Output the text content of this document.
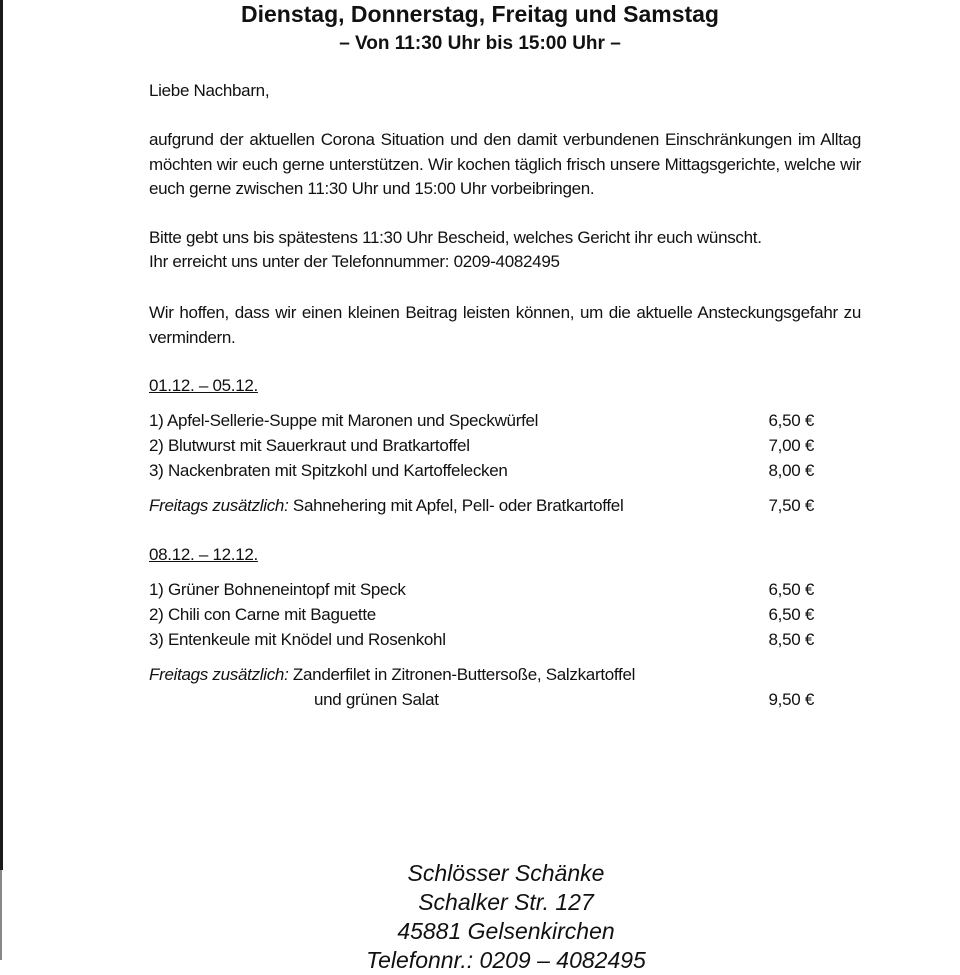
Dienstag, Donnerstag, Freitag und Samstag
– Von 11:30 Uhr bis 15:00 Uhr –
Liebe Nachbarn,
aufgrund der aktuellen Corona Situation und den damit verbundenen Einschränkungen im Alltag möchten wir euch gerne unterstützen. Wir kochen täglich frisch unsere Mittagsgerichte, welche wir euch gerne zwischen 11:30 Uhr und 15:00 Uhr vorbeibringen.
Bitte gebt uns bis spätestens 11:30 Uhr Bescheid, welches Gericht ihr euch wünscht.
Ihr erreicht uns unter der Telefonnummer: 0209-4082495
Wir hoffen, dass wir einen kleinen Beitrag leisten können, um die aktuelle Ansteckungsgefahr zu vermindern.
01.12. – 05.12.
1) Apfel-Sellerie-Suppe mit Maronen und Speckwürfel	6,50 €
2) Blutwurst mit Sauerkraut und Bratkartoffel	7,00 €
3) Nackenbraten mit Spitzkohl und Kartoffelecken	8,00 €
Freitags zusätzlich: Sahnehering mit Apfel, Pell- oder Bratkartoffel	7,50 €
08.12. – 12.12.
1) Grüner Bohneneintopf mit Speck	6,50 €
2) Chili con Carne mit Baguette	6,50 €
3) Entenkeule mit Knödel und Rosenkohl	8,50 €
Freitags zusätzlich: Zanderfilet in Zitronen-Buttersoße, Salzkartoffel
und grünen Salat	9,50 €
Schlösser Schänke
Schalker Str. 127
45881 Gelsenkirchen
Telefonnr.: 0209 – 4082495
